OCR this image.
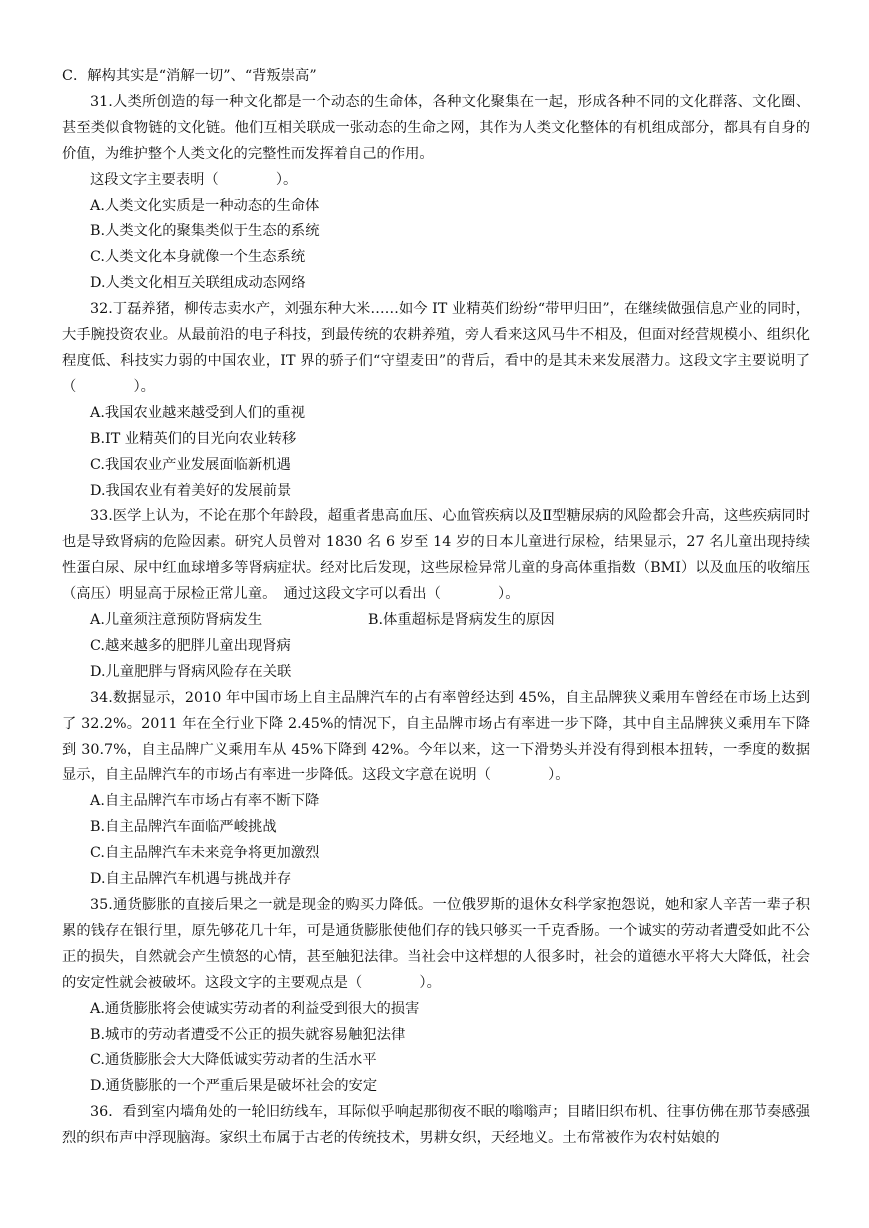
C．解构其实是“消解一切”、“背叛崇高”
31.人类所创造的每一种文化都是一个动态的生命体，各种文化聚集在一起，形成各种不同的文化群落、文化圈、甚至类似食物链的文化链。他们互相关联成一张动态的生命之网，其作为人类文化整体的有机组成部分，都具有自身的价值，为维护整个人类文化的完整性而发挥着自己的作用。
这段文字主要表明（　　　　）。
A.人类文化实质是一种动态的生命体
B.人类文化的聚集类似于生态的系统
C.人类文化本身就像一个生态系统
D.人类文化相互关联组成动态网络
32.丁磊养猪，柳传志卖水产，刘强东种大米……如今 IT 业精英们纷纷“带甲归田”，在继续做强信息产业的同时，大手腕投资农业。从最前沿的电子科技，到最传统的农耕养殖，旁人看来这风马牛不相及，但面对经营规模小、组织化程度低、科技实力弱的中国农业，IT 界的骄子们“守望麦田”的背后，看中的是其未来发展潜力。这段文字主要说明了（　　　　）。
A.我国农业越来越受到人们的重视
B.IT 业精英们的目光向农业转移
C.我国农业产业发展面临新机遇
D.我国农业有着美好的发展前景
33.医学上认为，不论在那个年龄段，超重者患高血压、心血管疾病以及Ⅱ型糖尿病的风险都会升高，这些疾病同时也是导致肾病的危险因素。研究人员曾对 1830 名 6 岁至 14 岁的日本儿童进行尿检，结果显示，27 名儿童出现持续性蛋白尿、尿中红血球增多等肾病症状。经对比后发现，这些尿检异常儿童的身高体重指数（BMI）以及血压的收缩压（高压）明显高于尿检正常儿童。　通过这段文字可以看出（　　　　）。
A.儿童须注意预防肾病发生	B.体重超标是肾病发生的原因
C.越来越多的肥胖儿童出现肾病
D.儿童肥胖与肾病风险存在关联
34.数据显示，2010 年中国市场上自主品牌汽车的占有率曾经达到 45%，自主品牌狭义乘用车曾经在市场上达到了 32.2%。2011 年在全行业下降 2.45%的情况下，自主品牌市场占有率进一步下降，其中自主品牌狭义乘用车下降到 30.7%，自主品牌广义乘用车从 45%下降到 42%。今年以来，这一下滑势头并没有得到根本扭转，一季度的数据显示，自主品牌汽车的市场占有率进一步降低。这段文字意在说明（　　　　）。
A.自主品牌汽车市场占有率不断下降
B.自主品牌汽车面临严峻挑战
C.自主品牌汽车未来竞争将更加激烈
D.自主品牌汽车机遇与挑战并存
35.通货膨胀的直接后果之一就是现金的购买力降低。一位俄罗斯的退休女科学家抱怨说，她和家人辛苦一辈子积累的钱存在银行里，原先够花几十年，可是通货膨胀使他们存的钱只够买一千克香肠。一个诚实的劳动者遭受如此不公正的损失，自然就会产生愤怒的心情，甚至触犯法律。当社会中这样想的人很多时，社会的道德水平将大大降低，社会的安定性就会被破坏。这段文字的主要观点是（　　　　）。
A.通货膨胀将会使诚实劳动者的利益受到很大的损害
B.城市的劳动者遭受不公正的损失就容易触犯法律
C.通货膨胀会大大降低诚实劳动者的生活水平
D.通货膨胀的一个严重后果是破坏社会的安定
36．看到室内墙角处的一轮旧纺线车，耳际似乎响起那彻夜不眠的嗡嗡声；目睹旧织布机、往事仿佛在那节奏感强烈的织布声中浮现脑海。家织土布属于古老的传统技术，男耕女织，天经地义。土布常被作为农村姑娘的
